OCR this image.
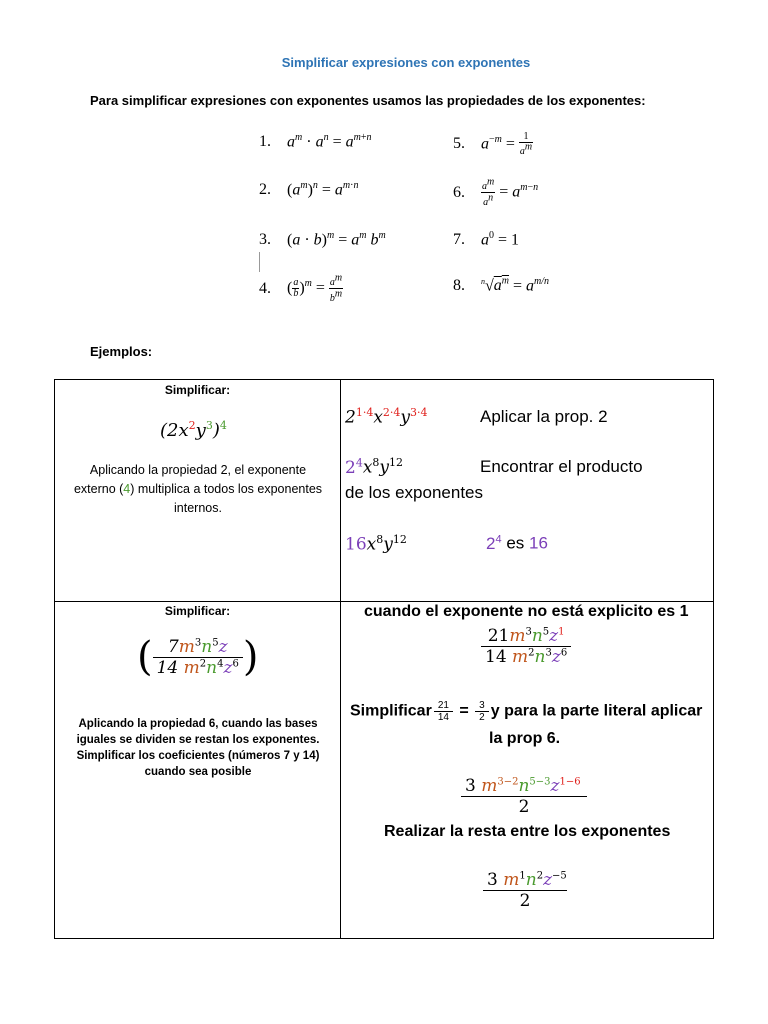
Simplificar expresiones con exponentes
Para simplificar expresiones con exponentes usamos las propiedades de los exponentes:
1. $a^m \cdot a^n = a^{m+n}$
2. $(a^m)^n = a^{m\cdot n}$
3. $(a \cdot b)^m = a^m$ $b^m$
4. ( $\frac{a}{b} )^m = \frac{a^m}{b^m}$
5. $a^{-m} = \frac{1}{a^m}$
6. $\frac{a^m}{a^n} = a^{m-n}$
7. $a^0 = 1$
8. $^n√a^m = a^{m/n}$
Ejemplos:
Simplificar:
$(2x^2y^3)^4$
Aplicando la propiedad 2, el exponente externo (4) multiplica a todos los exponentes internos.
$2^{1\cdot 4}x^{2\cdot 4}y^{3\cdot 4}$	Aplicar la prop. 2
$2^4x^8y^{12}$	Encontrar el producto
de los exponentes
$16x^8y^{12}$	$2^4$ es 16
Simplificar:
( $\frac{7m^3n^5z}{14 m^2n^4z^6}$ )
Aplicando la propiedad 6, cuando las bases iguales se dividen se restan los exponentes. Simplificar los coeficientes (números 7 y 14) cuando sea posible
cuando el exponente no está explicito es 1
$\frac{21m^3n^5z^1}{14 m^2n^3z^6}$
Simplificar $\frac{21}{14} = \frac{3}{2}$ y para la parte literal aplicar
la prop 6.
$\frac{3 m^{3-2}n^{5-3}z^{1-6}}{2}$
Realizar la resta entre los exponentes
$\frac{3 m^1n^2z^{-5}}{2}$
